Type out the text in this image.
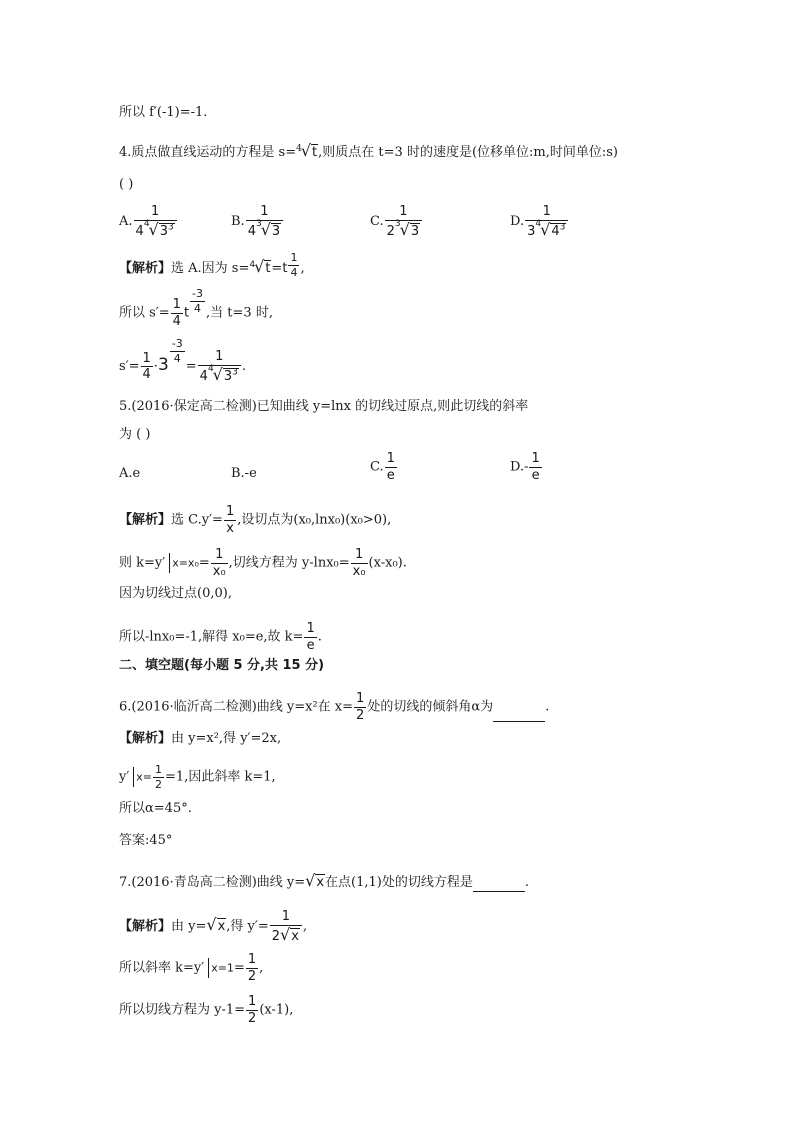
所以 f′(-1)=-1.
4.质点做直线运动的方程是 s=$^4$√t,则质点在 t=3 时的速度是(位移单位:m,时间单位:s)
( )
A. $\frac{1}{4^4√3^3}$	B. $\frac{1}{4^3√3}$	C. $\frac{1}{2^3√3}$	D. $\frac{1}{3^4√4^3}$
【解析】选 A.因为 $s=^4√t=t \frac{1}{4}$ ,
所以 $s'= \frac{1}{4}$ t $\frac{-3}{4}$ ,当 t=3 时,
$s'= \frac{1}{4} \cdot 3$
$\frac{-3}{4}$
= $\frac{1}{4^4√3^3}$ .
5.(2016·保定高二检测)已知曲线 y=lnx 的切线过原点,则此切线的斜率
为 ( )
A.e	B.-e	C. $\frac{1}{e}$	$D.- \frac{1}{e}$
【解析】选 $C.y'= \frac{1}{x}$ ,设切点为(x₀,lnx₀)(x₀>0),
则 k=y′ $x=x_0= \frac{1}{\text{x₀}}$ ,切线方程为 $y-\ln x_0= \frac{1}{\text{x₀}} (x-x_0)$.
因为切线过点(0,0),
所以-lnx₀=-1,解得 x₀=e,故 $k= \frac{1}{e}$ .
二、填空题(每小题 5 分,共 15 分)
6.(2016·临沂高二检测)曲线 y=x²在 $x= \frac{1}{2}$ 处的切线的倾斜角α为	.
【解析】由 y=x²,得 y′=2x,
y′ $x= \frac{1}{2} =1$,因此斜率 k=1,
所以α=45°.
答案:45°
7.(2016·青岛高二检测)曲线 y=√x在点(1,1)处的切线方程是	.
【解析】由 y=√x,得 $y'= \frac{1}{2√x}$ ,
所以斜率 k=y′ $x=1= \frac{1}{2}$ ,
所以切线方程为 $y-1= \frac{1}{2} (x-1)$,
